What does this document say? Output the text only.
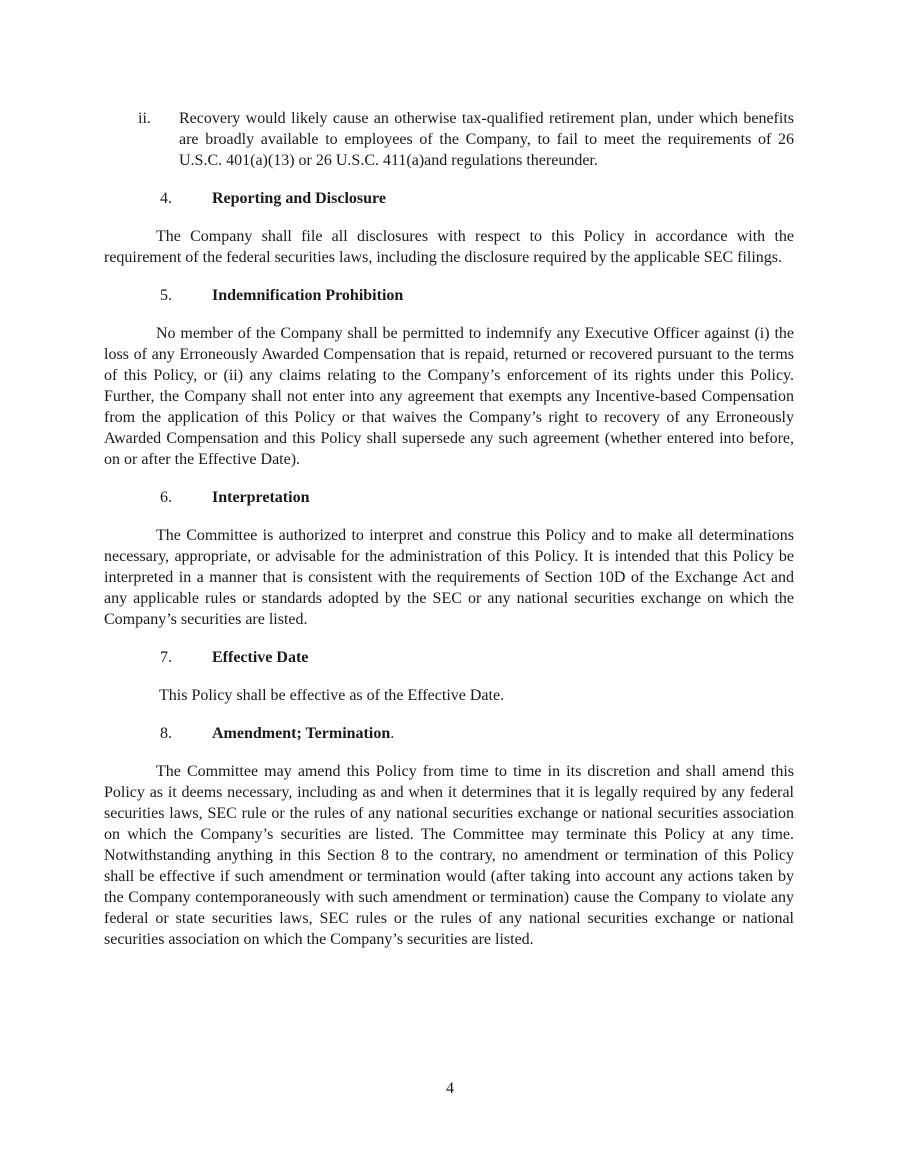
ii. Recovery would likely cause an otherwise tax-qualified retirement plan, under which benefits are broadly available to employees of the Company, to fail to meet the requirements of 26 U.S.C. 401(a)(13) or 26 U.S.C. 411(a)and regulations thereunder.

4.	Reporting and Disclosure

The Company shall file all disclosures with respect to this Policy in accordance with the requirement of the federal securities laws, including the disclosure required by the applicable SEC filings.

5.	Indemnification Prohibition

No member of the Company shall be permitted to indemnify any Executive Officer against (i) the loss of any Erroneously Awarded Compensation that is repaid, returned or recovered pursuant to the terms of this Policy, or (ii) any claims relating to the Company’s enforcement of its rights under this Policy. Further, the Company shall not enter into any agreement that exempts any Incentive-based Compensation from the application of this Policy or that waives the Company’s right to recovery of any Erroneously Awarded Compensation and this Policy shall supersede any such agreement (whether entered into before, on or after the Effective Date).

6.	Interpretation

The Committee is authorized to interpret and construe this Policy and to make all determinations necessary, appropriate, or advisable for the administration of this Policy. It is intended that this Policy be interpreted in a manner that is consistent with the requirements of Section 10D of the Exchange Act and any applicable rules or standards adopted by the SEC or any national securities exchange on which the Company’s securities are listed.

7.	Effective Date

This Policy shall be effective as of the Effective Date.

8.	Amendment; Termination.

The Committee may amend this Policy from time to time in its discretion and shall amend this Policy as it deems necessary, including as and when it determines that it is legally required by any federal securities laws, SEC rule or the rules of any national securities exchange or national securities association on which the Company’s securities are listed. The Committee may terminate this Policy at any time. Notwithstanding anything in this Section 8 to the contrary, no amendment or termination of this Policy shall be effective if such amendment or termination would (after taking into account any actions taken by the Company contemporaneously with such amendment or termination) cause the Company to violate any federal or state securities laws, SEC rules or the rules of any national securities exchange or national securities association on which the Company’s securities are listed.

4
